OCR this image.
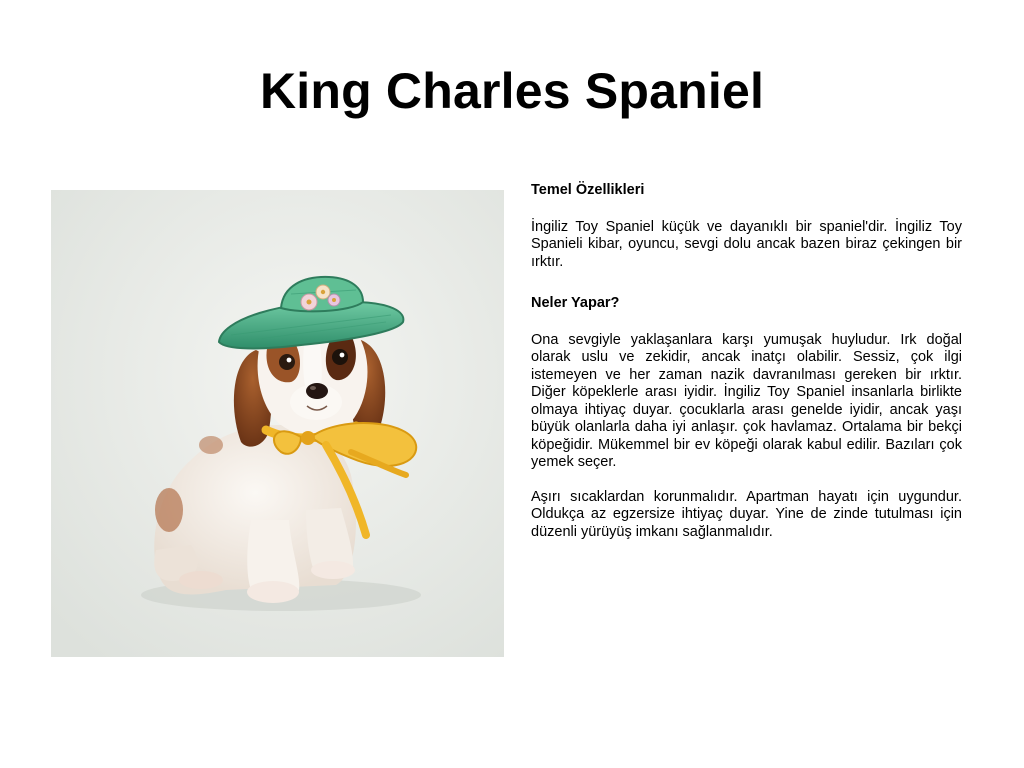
King Charles Spaniel

Temel Özellikleri

İngiliz Toy Spaniel küçük ve dayanıklı bir spaniel'dir. İngiliz Toy Spanieli kibar, oyuncu, sevgi dolu ancak bazen biraz çekingen bir ırktır.

Neler Yapar?

Ona sevgiyle yaklaşanlara karşı yumuşak huyludur. Irk doğal olarak uslu ve zekidir, ancak inatçı olabilir. Sessiz, çok ilgi istemeyen ve her zaman nazik davranılması gereken bir ırktır. Diğer köpeklerle arası iyidir. İngiliz Toy Spaniel insanlarla birlikte olmaya ihtiyaç duyar. çocuklarla arası genelde iyidir, ancak yaşı büyük olanlarla daha iyi anlaşır. çok havlamaz. Ortalama bir bekçi köpeğidir. Mükemmel bir ev köpeği olarak kabul edilir. Bazıları çok yemek seçer.

Aşırı sıcaklardan korunmalıdır. Apartman hayatı için uygundur. Oldukça az egzersize ihtiyaç duyar. Yine de zinde tutulması için düzenli yürüyüş imkanı sağlanmalıdır.
